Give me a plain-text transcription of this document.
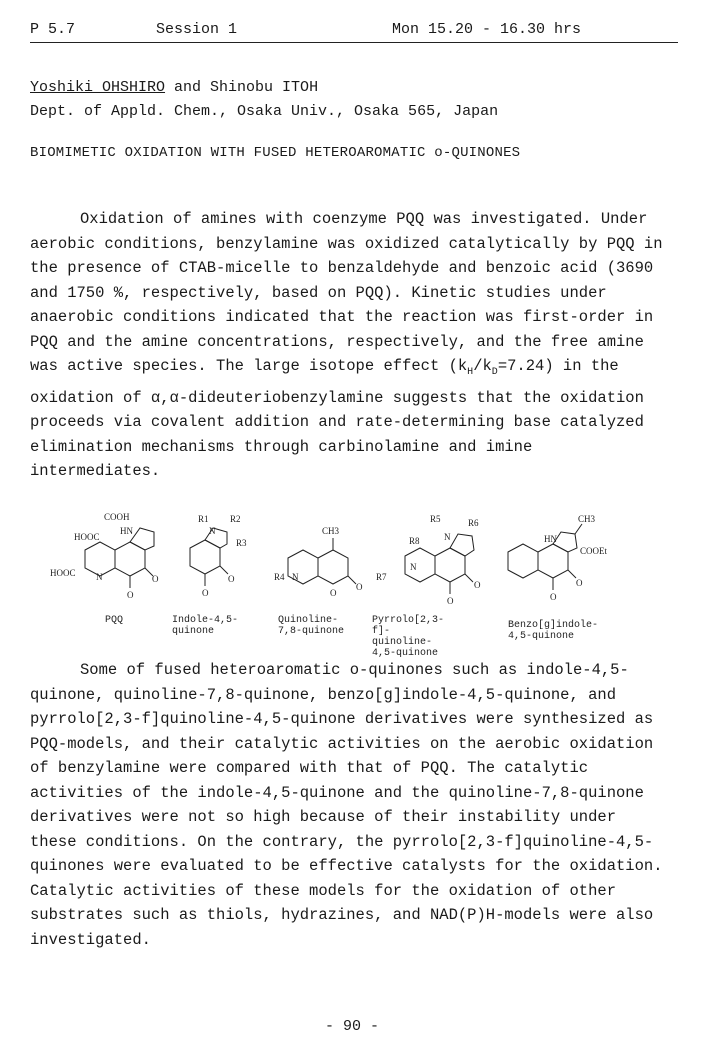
P 5.7	Session 1	Mon 15.20 - 16.30 hrs
Yoshiki OHSHIRO and Shinobu ITOH
Dept. of Appld. Chem., Osaka Univ., Osaka 565, Japan
BIOMIMETIC OXIDATION WITH FUSED HETEROAROMATIC o-QUINONES

Oxidation of amines with coenzyme PQQ was investigated. Under aerobic conditions, benzylamine was oxidized catalytically by PQQ in the presence of CTAB-micelle to benzaldehyde and benzoic acid (3690 and 1750 %, respectively, based on PQQ). Kinetic studies under anaerobic conditions indicated that the reaction was first-order in PQQ and the amine concentrations, respectively, and the free amine was active species. The large isotope effect $(k_H/k_D=7.24)$ in the oxidation of α,α-dideuteriobenzylamine suggests that the oxidation proceeds via covalent addition and rate-determining base catalyzed elimination mechanisms through carbinolamine and imine intermediates.

COOH
HOOC
HOOC
HN
N
O
O
R1 R2
R3
N
O
O
CH3
R4 N
O
O
R5	R6
R8
R7
N
N
O
O
CH3
HN
COOEt
O
O
PQQ	Indole-4,5-quinone
Quinoline-7,8-quinone
Pyrrolo[2,3-f]-quinoline-4,5-quinone
Benzo[g]indole-4,5-quinone

Some of fused heteroaromatic o-quinones such as indole-4,5-quinone, quinoline-7,8-quinone, benzo[g]indole-4,5-quinone, and pyrrolo[2,3-f]quinoline-4,5-quinone derivatives were synthesized as PQQ-models, and their catalytic activities on the aerobic oxidation of benzylamine were compared with that of PQQ. The catalytic activities of the indole-4,5-quinone and the quinoline-7,8-quinone derivatives were not so high because of their instability under these conditions. On the contrary, the pyrrolo[2,3-f]quinoline-4,5-quinones were evaluated to be effective catalysts for the oxidation. Catalytic activities of these models for the oxidation of other substrates such as thiols, hydrazines, and NAD(P)H-models were also investigated.

- 90 -
